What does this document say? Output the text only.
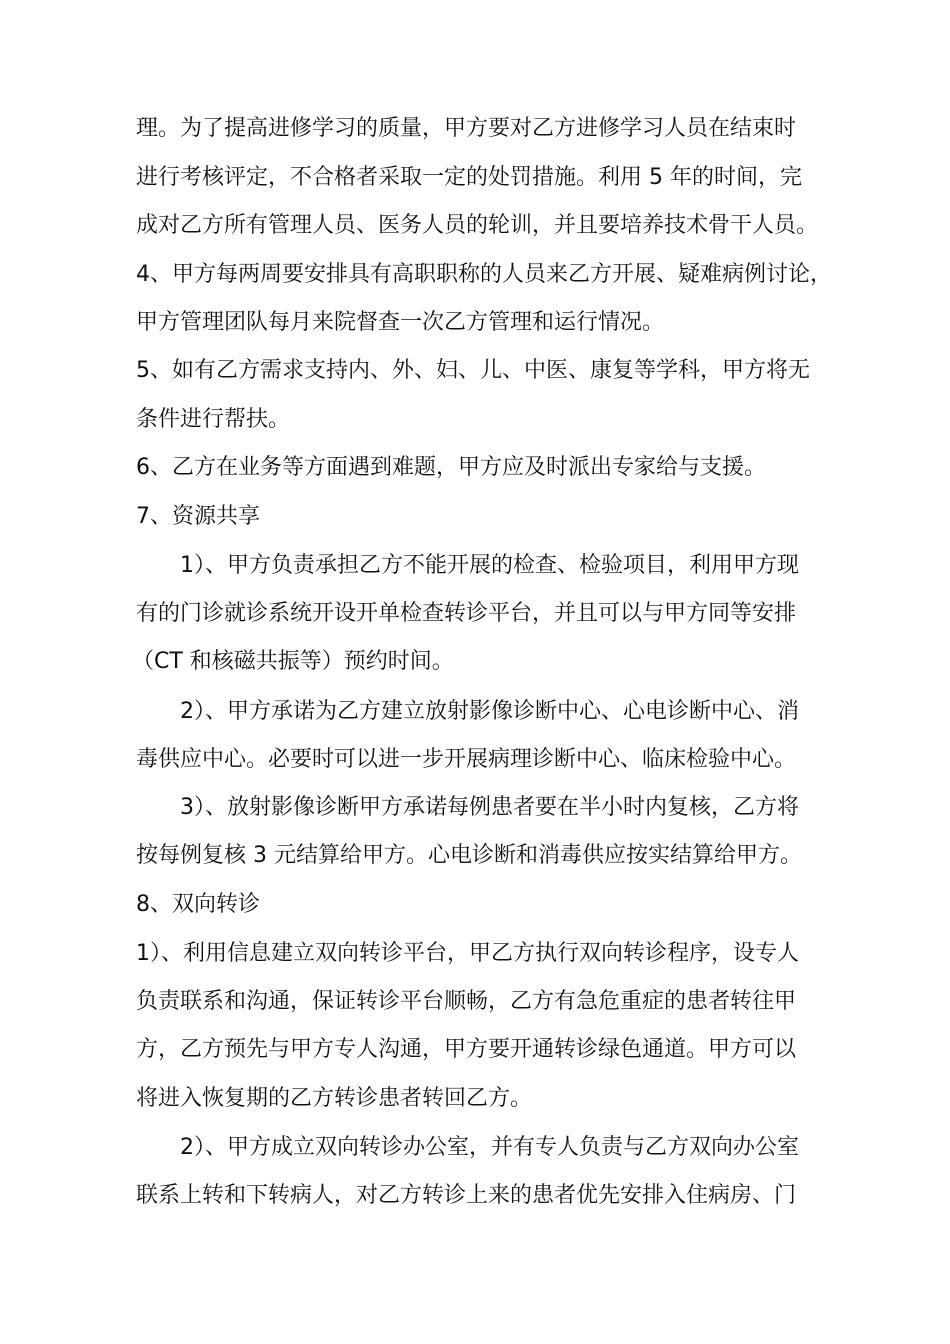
理。为了提高进修学习的质量，甲方要对乙方进修学习人员在结束时
进行考核评定，不合格者采取一定的处罚措施。利用 5 年的时间，完
成对乙方所有管理人员、医务人员的轮训，并且要培养技术骨干人员。
4、甲方每两周要安排具有高职职称的人员来乙方开展、疑难病例讨论，
甲方管理团队每月来院督查一次乙方管理和运行情况。
5、如有乙方需求支持内、外、妇、儿、中医、康复等学科，甲方将无
条件进行帮扶。
6、乙方在业务等方面遇到难题，甲方应及时派出专家给与支援。
7、资源共享
1）、甲方负责承担乙方不能开展的检查、检验项目，利用甲方现
有的门诊就诊系统开设开单检查转诊平台，并且可以与甲方同等安排
（CT 和核磁共振等）预约时间。
2）、甲方承诺为乙方建立放射影像诊断中心、心电诊断中心、消
毒供应中心。必要时可以进一步开展病理诊断中心、临床检验中心。
3）、放射影像诊断甲方承诺每例患者要在半小时内复核，乙方将
按每例复核 3 元结算给甲方。心电诊断和消毒供应按实结算给甲方。
8、双向转诊
1）、利用信息建立双向转诊平台，甲乙方执行双向转诊程序，设专人
负责联系和沟通，保证转诊平台顺畅，乙方有急危重症的患者转往甲
方，乙方预先与甲方专人沟通，甲方要开通转诊绿色通道。甲方可以
将进入恢复期的乙方转诊患者转回乙方。
2）、甲方成立双向转诊办公室，并有专人负责与乙方双向办公室
联系上转和下转病人，对乙方转诊上来的患者优先安排入住病房、门
